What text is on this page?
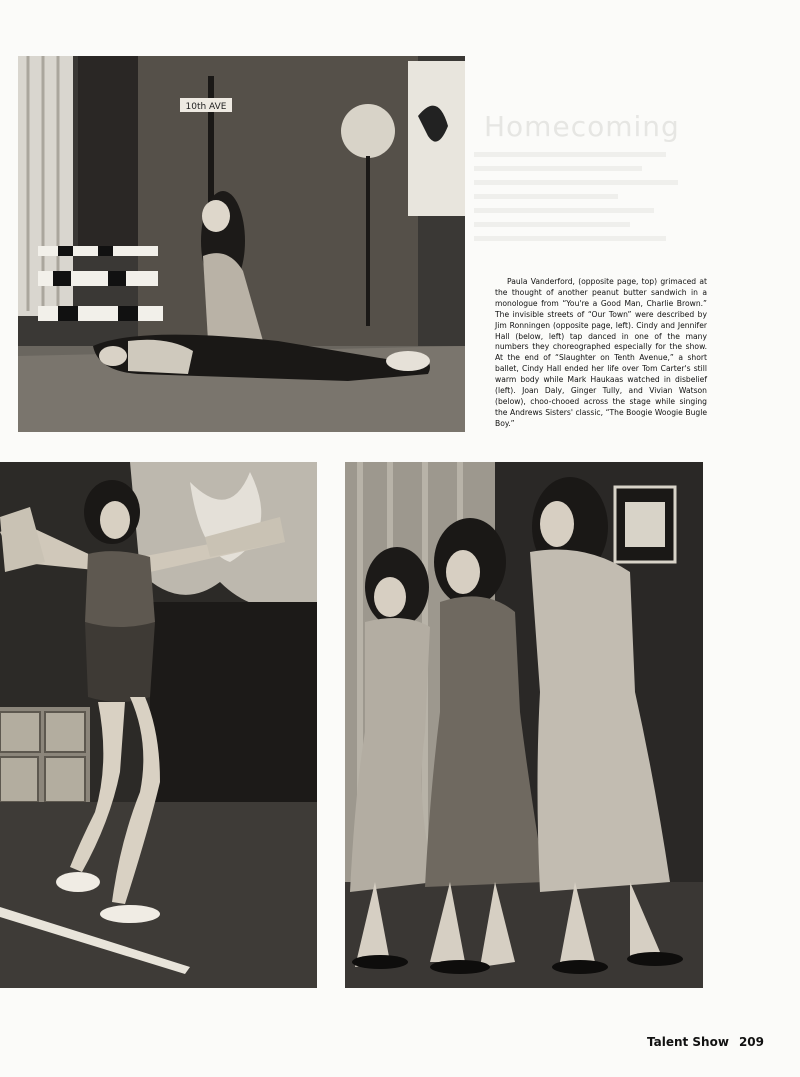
10th AVE
Homecoming

Paula Vanderford, (opposite page, top) grimaced at the thought of another peanut butter sandwich in a monologue from “You're a Good Man, Charlie Brown.” The invisible streets of “Our Town” were described by Jim Ronningen (opposite page, left). Cindy and Jennifer Hall (below, left) tap danced in one of the many numbers they choreographed especially for the show. At the end of “Slaughter on Tenth Avenue,” a short ballet, Cindy Hall ended her life over Tom Carter's still warm body while Mark Haukaas watched in disbelief (left). Joan Daly, Ginger Tully, and Vivian Watson (below), choo-chooed across the stage while singing the Andrews Sisters' classic, “The Boogie Woogie Bugle Boy.”

Talent Show 209
